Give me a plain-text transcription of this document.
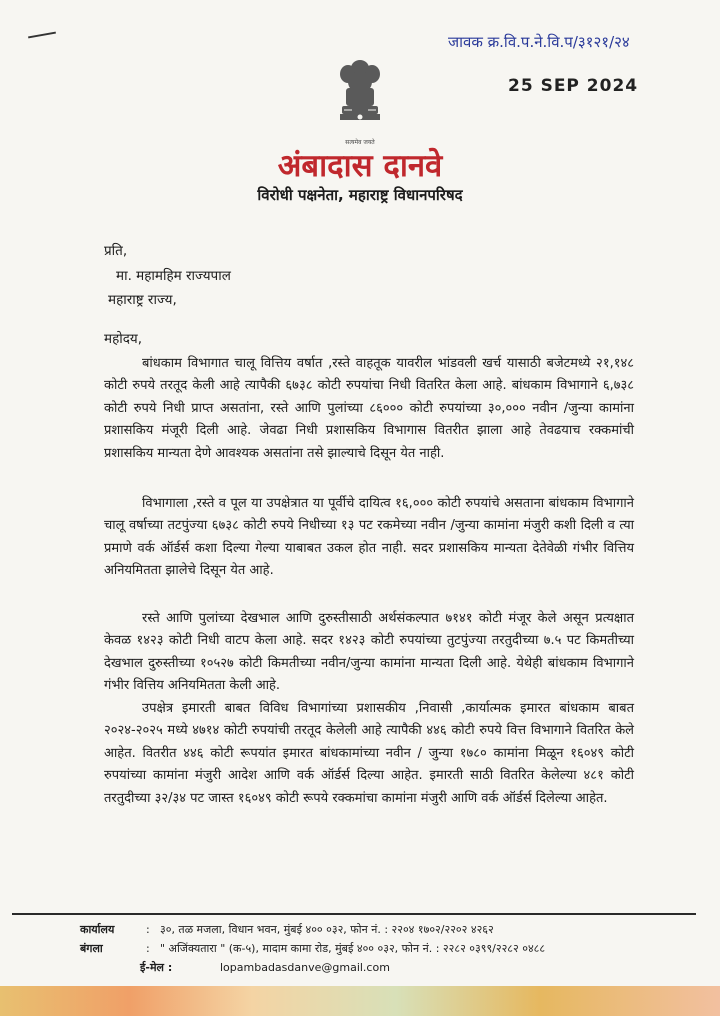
जावक क्र.वि.प.ने.वि.प/३१२१/२४
25 SEP 2024
सत्यमेव जयते
अंबादास दानवे
विरोधी पक्षनेता, महाराष्ट्र विधानपरिषद
प्रति,
मा. महामहिम राज्यपाल
महाराष्ट्र राज्य,
महोदय,
बांधकाम विभागात चालू वित्तिय वर्षात ,रस्ते वाहतूक यावरील भांडवली खर्च यासाठी बजेटमध्ये २१,१४८ कोटी रुपये तरतूद केली आहे त्यापैकी ६७३८ कोटी रुपयांचा निधी वितरित केला आहे. बांधकाम विभागाने ६,७३८ कोटी रुपये निधी प्राप्त असतांना, रस्ते आणि पुलांच्या ८६००० कोटी रुपयांच्या ३०,००० नवीन /जुन्या कामांना प्रशासकिय मंजूरी दिली आहे. जेवढा निधी प्रशासकिय विभागास वितरीत झाला आहे तेवढयाच रक्कमांची प्रशासकिय मान्यता देणे आवश्यक असतांना तसे झाल्याचे दिसून येत नाही.
विभागाला ,रस्ते व पूल या उपक्षेत्रात या पूर्वीचे दायित्व १६,००० कोटी रुपयांचे असताना बांधकाम विभागाने चालू वर्षाच्या तटपुंज्या ६७३८ कोटी रुपये निधीच्या १३ पट रकमेच्या नवीन /जुन्या कामांना मंजुरी कशी दिली व त्या प्रमाणे वर्क ऑर्डर्स कशा दिल्या गेल्या याबाबत उकल होत नाही. सदर प्रशासकिय मान्यता देतेवेळी गंभीर वित्तिय अनियमितता झालेचे दिसून येत आहे.
रस्ते आणि पुलांच्या देखभाल आणि दुरुस्तीसाठी अर्थसंकल्पात ७१४१ कोटी मंजूर केले असून प्रत्यक्षात केवळ १४२३ कोटी निधी वाटप केला आहे. सदर १४२३ कोटी रुपयांच्या तुटपुंज्या तरतुदीच्या ७.५ पट किमतीच्या देखभाल दुरुस्तीच्या १०५२७ कोटी किमतीच्या नवीन/जुन्या कामांना मान्यता दिली आहे. येथेही बांधकाम विभागाने गंभीर वित्तिय अनियमितता केली आहे.
उपक्षेत्र इमारती बाबत विविध विभागांच्या प्रशासकीय ,निवासी ,कार्यात्मक इमारत बांधकाम बाबत २०२४-२०२५ मध्ये ४७१४ कोटी रुपयांची तरतूद केलेली आहे त्यापैकी ४४६ कोटी रुपये वित्त विभागाने वितरित केले आहेत. वितरीत ४४६ कोटी रूपयांत इमारत बांधकामांच्या नवीन / जुन्या १७८० कामांना मिळून १६०४९ कोटी रुपयांच्या कामांना मंजुरी आदेश आणि वर्क ऑर्डर्स दिल्या आहेत. इमारती साठी वितरित केलेल्या ४८१ कोटी तरतुदीच्या ३२/३४ पट जास्त १६०४९ कोटी रूपये रक्कमांचा कामांना मंजुरी आणि वर्क ऑर्डर्स दिलेल्या आहेत.
कार्यालय	: ३०, तळ मजला, विधान भवन, मुंबई ४०० ०३२, फोन नं. : २२०४ १७०२/२२०२ ४२६२
बंगला	: " अजिंक्यतारा " (क-५), मादाम कामा रोड, मुंबई ४०० ०३२, फोन नं. : २२८२ ०३९९/२२८२ ०४८८
ई-मेल :	lopambadasdanve@gmail.com
